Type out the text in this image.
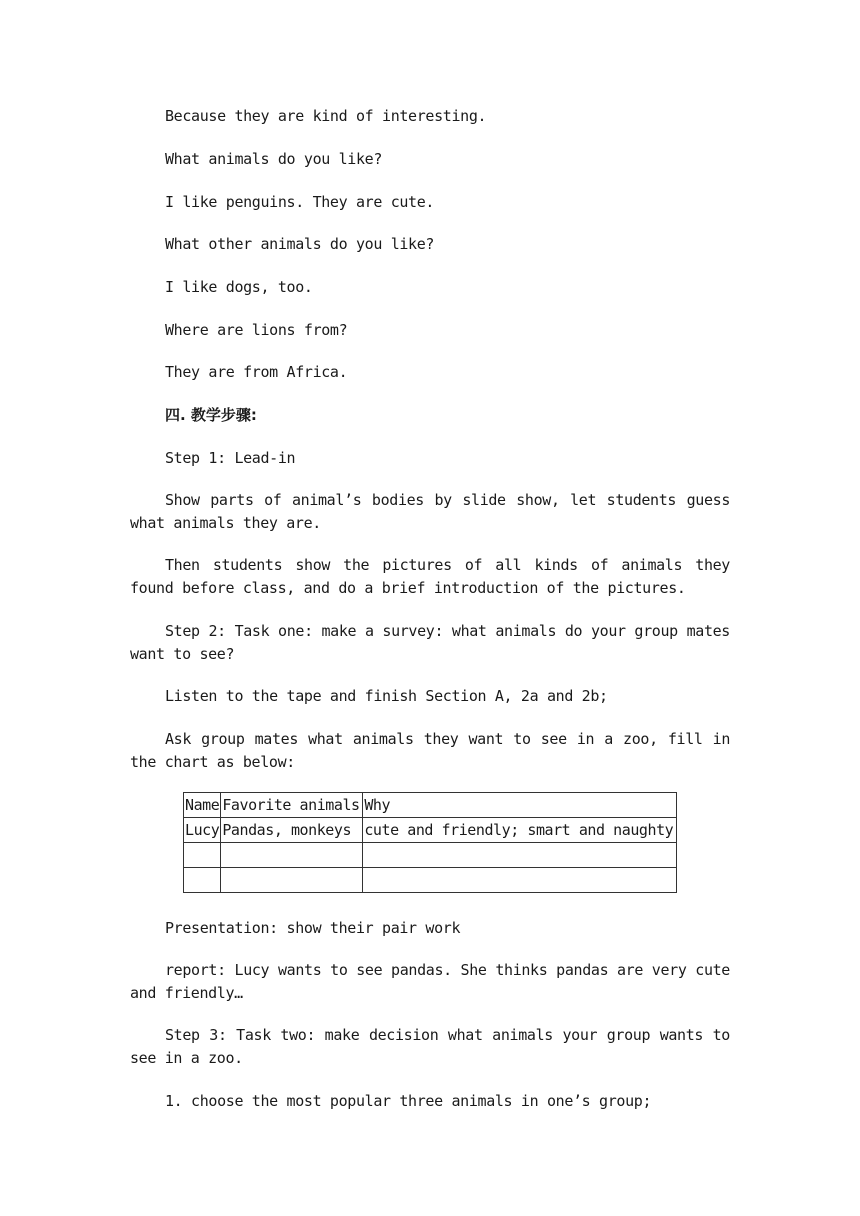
Because they are kind of interesting.
What animals do you like?
I like penguins. They are cute.
What other animals do you like?
I like dogs, too.
Where are lions from?
They are from Africa.
四. 教学步骤:
Step 1: Lead-in
Show parts of animal’s bodies by slide show, let students guess what animals they are.
Then students show the pictures of all kinds of animals they found before class, and do a brief introduction of the pictures.
Step 2: Task one: make a survey: what animals do your group mates want to see?
Listen to the tape and finish Section A, 2a and 2b;
Ask group mates what animals they want to see in a zoo, fill in the chart as below:
Name	Favorite animals	Why
Lucy	Pandas, monkeys	cute and friendly; smart and naughty

Presentation: show their pair work
report: Lucy wants to see pandas. She thinks pandas are very cute and friendly…
Step 3: Task two: make decision what animals your group wants to see in a zoo.
1. choose the most popular three animals in one’s group;
